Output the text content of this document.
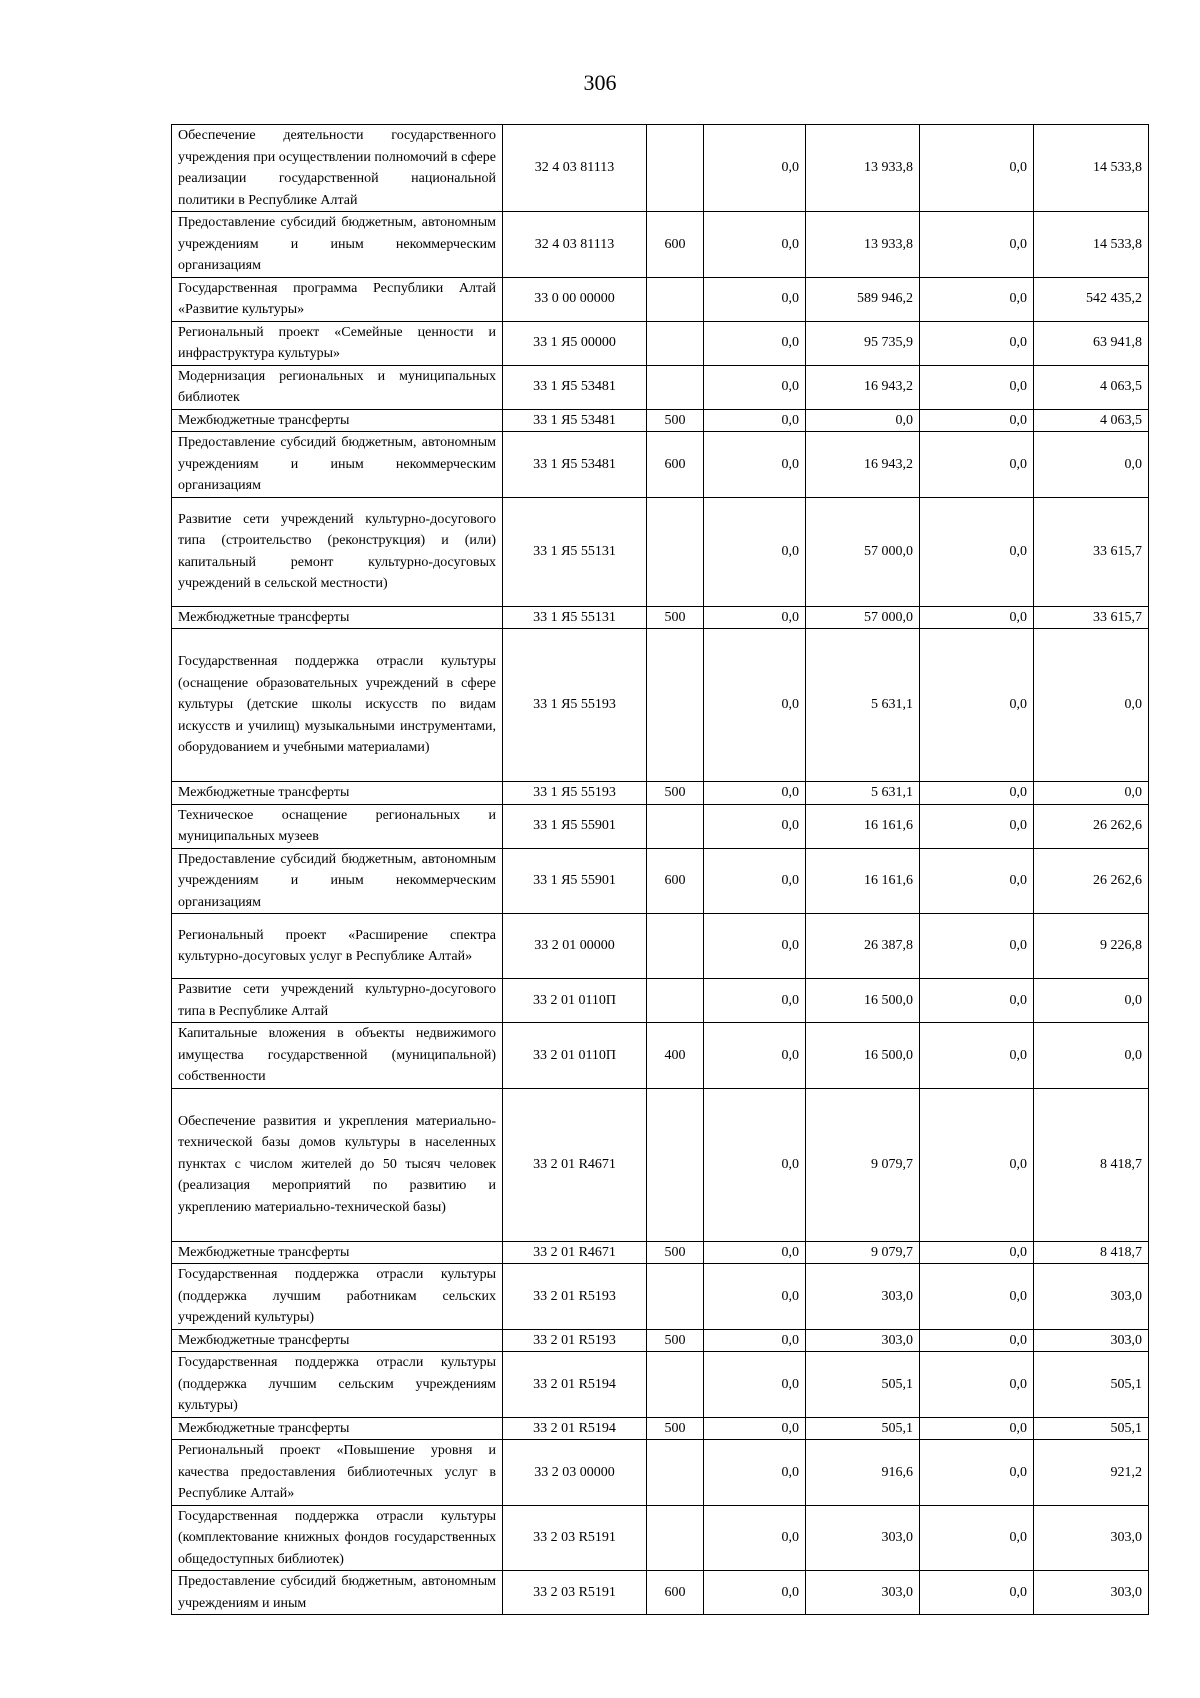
306
Обеспечение деятельности государственного учреждения при осуществлении полномочий в сфере реализации государственной национальной политики в Республике Алтай	32 4 03 81113		0,0	13 933,8	0,0	14 533,8
Предоставление субсидий бюджетным, автономным учреждениям и иным некоммерческим организациям	32 4 03 81113	600	0,0	13 933,8	0,0	14 533,8
Государственная программа Республики Алтай «Развитие культуры»	33 0 00 00000		0,0	589 946,2	0,0	542 435,2
Региональный проект «Семейные ценности и инфраструктура культуры»	33 1 Я5 00000		0,0	95 735,9	0,0	63 941,8
Модернизация региональных и муниципальных библиотек	33 1 Я5 53481		0,0	16 943,2	0,0	4 063,5
Межбюджетные трансферты	33 1 Я5 53481	500	0,0	0,0	0,0	4 063,5
Предоставление субсидий бюджетным, автономным учреждениям и иным некоммерческим организациям	33 1 Я5 53481	600	0,0	16 943,2	0,0	0,0
Развитие сети учреждений культурно-досугового типа (строительство (реконструкция) и (или) капитальный ремонт культурно-досуговых учреждений в сельской местности)	33 1 Я5 55131		0,0	57 000,0	0,0	33 615,7
Межбюджетные трансферты	33 1 Я5 55131	500	0,0	57 000,0	0,0	33 615,7
Государственная поддержка отрасли культуры (оснащение образовательных учреждений в сфере культуры (детские школы искусств по видам искусств и училищ) музыкальными инструментами, оборудованием и учебными материалами)	33 1 Я5 55193		0,0	5 631,1	0,0	0,0
Межбюджетные трансферты	33 1 Я5 55193	500	0,0	5 631,1	0,0	0,0
Техническое оснащение региональных и муниципальных музеев	33 1 Я5 55901		0,0	16 161,6	0,0	26 262,6
Предоставление субсидий бюджетным, автономным учреждениям и иным некоммерческим организациям	33 1 Я5 55901	600	0,0	16 161,6	0,0	26 262,6
Региональный проект «Расширение спектра культурно-досуговых услуг в Республике Алтай»	33 2 01 00000		0,0	26 387,8	0,0	9 226,8
Развитие сети учреждений культурно-досугового типа в Республике Алтай	33 2 01 0110П		0,0	16 500,0	0,0	0,0
Капитальные вложения в объекты недвижимого имущества государственной (муниципальной) собственности	33 2 01 0110П	400	0,0	16 500,0	0,0	0,0
Обеспечение развития и укрепления материально-технической базы домов культуры в населенных пунктах с числом жителей до 50 тысяч человек (реализация мероприятий по развитию и укреплению материально-технической базы)	33 2 01 R4671		0,0	9 079,7	0,0	8 418,7
Межбюджетные трансферты	33 2 01 R4671	500	0,0	9 079,7	0,0	8 418,7
Государственная поддержка отрасли культуры (поддержка лучшим работникам сельских учреждений культуры)	33 2 01 R5193		0,0	303,0	0,0	303,0
Межбюджетные трансферты	33 2 01 R5193	500	0,0	303,0	0,0	303,0
Государственная поддержка отрасли культуры (поддержка лучшим сельским учреждениям культуры)	33 2 01 R5194		0,0	505,1	0,0	505,1
Межбюджетные трансферты	33 2 01 R5194	500	0,0	505,1	0,0	505,1
Региональный проект «Повышение уровня и качества предоставления библиотечных услуг в Республике Алтай»	33 2 03 00000		0,0	916,6	0,0	921,2
Государственная поддержка отрасли культуры (комплектование книжных фондов государственных общедоступных библиотек)	33 2 03 R5191		0,0	303,0	0,0	303,0
Предоставление субсидий бюджетным, автономным учреждениям и иным	33 2 03 R5191	600	0,0	303,0	0,0	303,0
